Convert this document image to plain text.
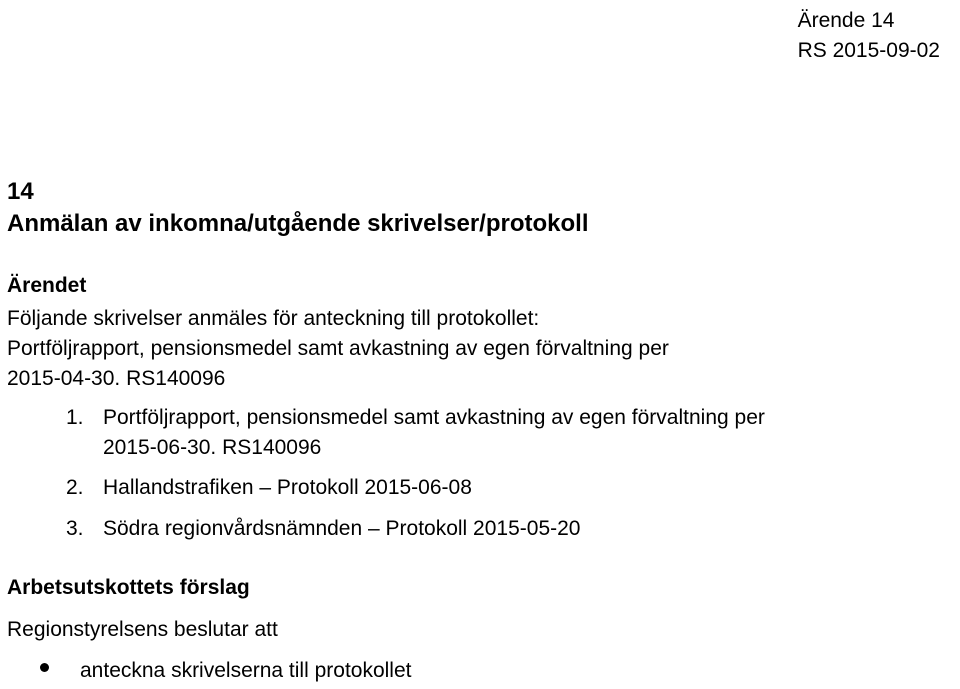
Ärende 14
RS 2015-09-02
14
Anmälan av inkomna/utgående skrivelser/protokoll
Ärendet
Följande skrivelser anmäles för anteckning till protokollet:
Portföljrapport, pensionsmedel samt avkastning av egen förvaltning per
2015-04-30. RS140096
1. Portföljrapport, pensionsmedel samt avkastning av egen förvaltning per
2015-06-30. RS140096
2. Hallandstrafiken – Protokoll 2015-06-08
3. Södra regionvårdsnämnden – Protokoll 2015-05-20
Arbetsutskottets förslag
Regionstyrelsens beslutar att
anteckna skrivelserna till protokollet
